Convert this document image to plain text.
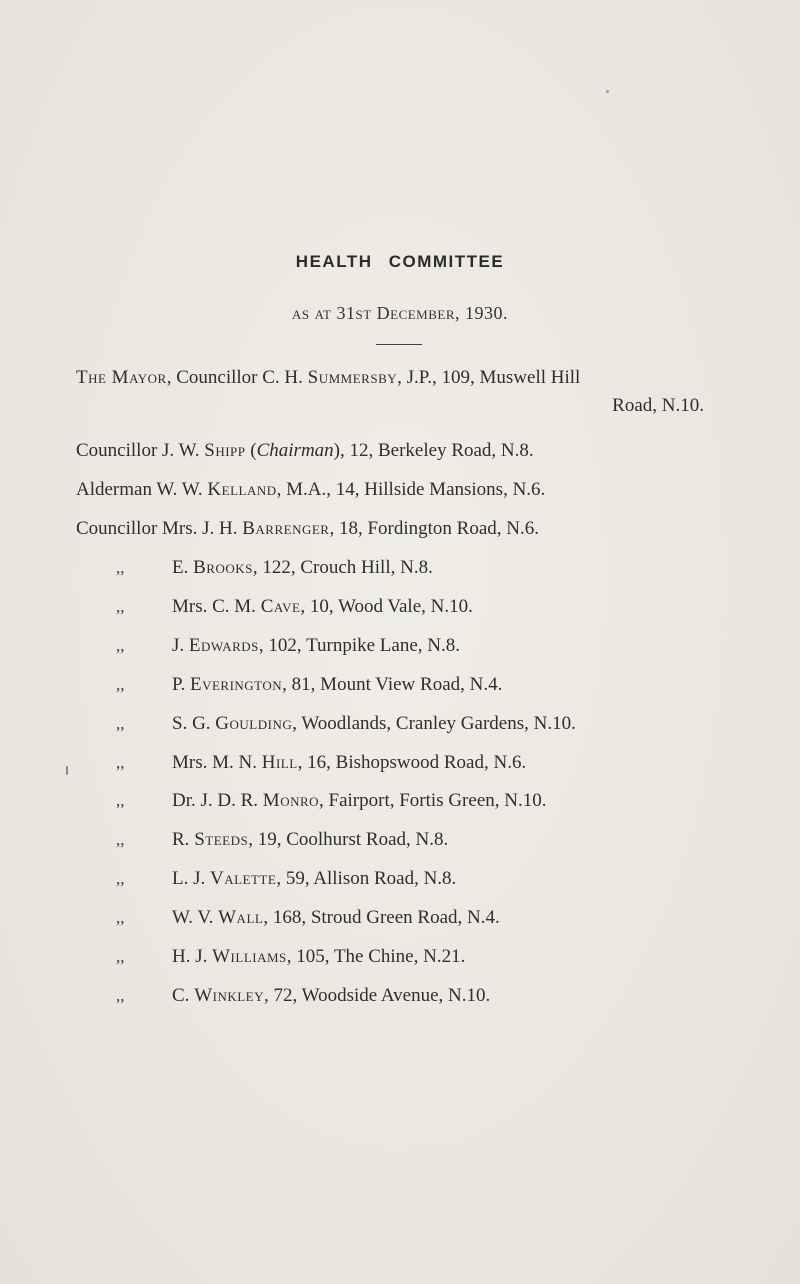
HEALTH COMMITTEE
as at 31st December, 1930.
The Mayor, Councillor C. H. Summersby, J.P., 109, Muswell Hill
Road, N.10.
Councillor J. W. Shipp (Chairman), 12, Berkeley Road, N.8.
Alderman W. W. Kelland, M.A., 14, Hillside Mansions, N.6.
Councillor Mrs. J. H. Barrenger, 18, Fordington Road, N.6.
,,	E. Brooks, 122, Crouch Hill, N.8.
,,	Mrs. C. M. Cave, 10, Wood Vale, N.10.
,,	J. Edwards, 102, Turnpike Lane, N.8.
,,	P. Everington, 81, Mount View Road, N.4.
,,	S. G. Goulding, Woodlands, Cranley Gardens, N.10.
,,	Mrs. M. N. Hill, 16, Bishopswood Road, N.6.
,,	Dr. J. D. R. Monro, Fairport, Fortis Green, N.10.
,,	R. Steeds, 19, Coolhurst Road, N.8.
,,	L. J. Valette, 59, Allison Road, N.8.
,,	W. V. Wall, 168, Stroud Green Road, N.4.
,,	H. J. Williams, 105, The Chine, N.21.
,,	C. Winkley, 72, Woodside Avenue, N.10.
